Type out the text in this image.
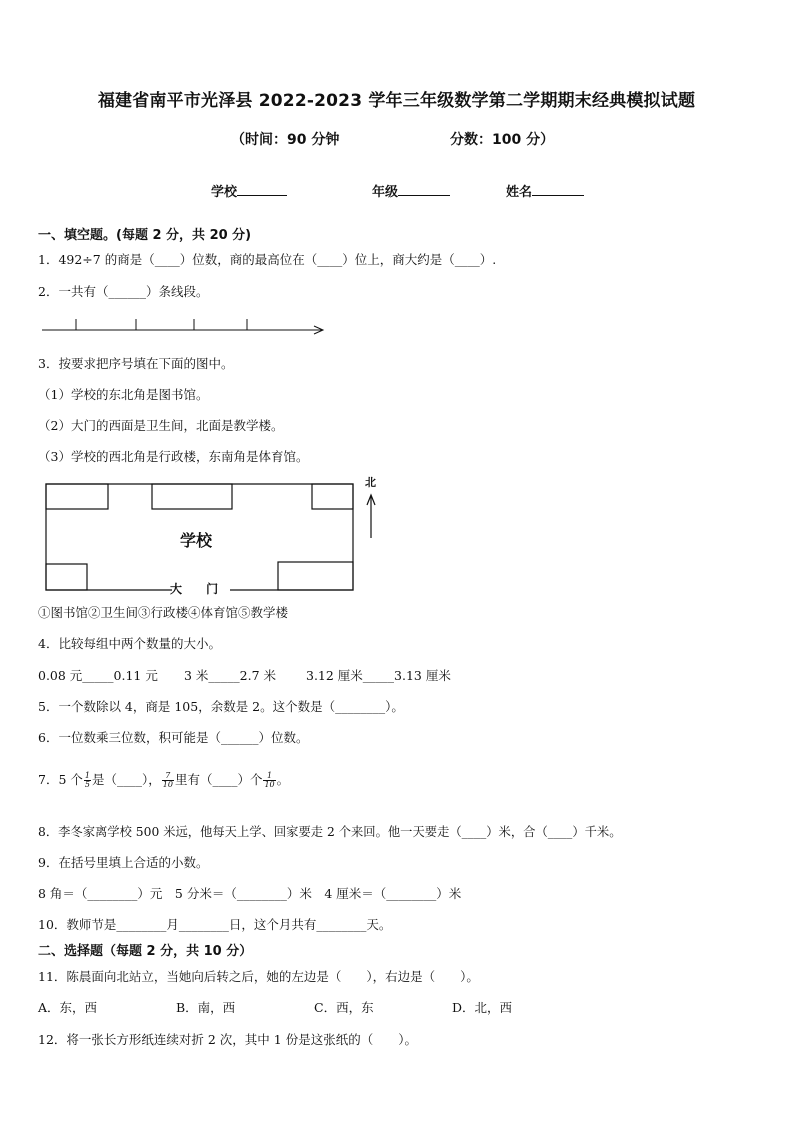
福建省南平市光泽县 2022-2023 学年三年级数学第二学期期末经典模拟试题
（时间：90 分钟	分数：100 分）
学校	年级	姓名
一、填空题。(每题 2 分，共 20 分)
1．492÷7 的商是（____）位数，商的最高位在（____）位上，商大约是（____）.
2．一共有（______）条线段。
3．按要求把序号填在下面的图中。
（1）学校的东北角是图书馆。
（2）大门的西面是卫生间，北面是教学楼。
（3）学校的西北角是行政楼，东南角是体育馆。
学校
大 门
北
①图书馆②卫生间③行政楼④体育馆⑤教学楼
4．比较每组中两个数量的大小。
0.08 元_____0.11 元 3 米_____2.7 米 3.12 厘米_____3.13 厘米
5．一个数除以 4，商是 105，余数是 2。这个数是（________）。
6．一位数乘三位数，积可能是（______）位数。
7．5 个 $\frac{1}{5}$ 是（____）， $\frac{7}{10}$ 里有（____）个 $\frac{1}{10}$ 。
8．李冬家离学校 500 米远，他每天上学、回家要走 2 个来回。他一天要走（____）米，合（____）千米。
9．在括号里填上合适的小数。
8 角＝（________）元　5 分米＝（________）米　4 厘米＝（________）米
10．教师节是________月________日，这个月共有________天。
二、选择题（每题 2 分，共 10 分）
11．陈晨面向北站立，当她向后转之后，她的左边是（　　），右边是（　　）。
A．东，西	B．南，西	C．西，东	D．北，西
12．将一张长方形纸连续对折 2 次，其中 1 份是这张纸的（　　）。
